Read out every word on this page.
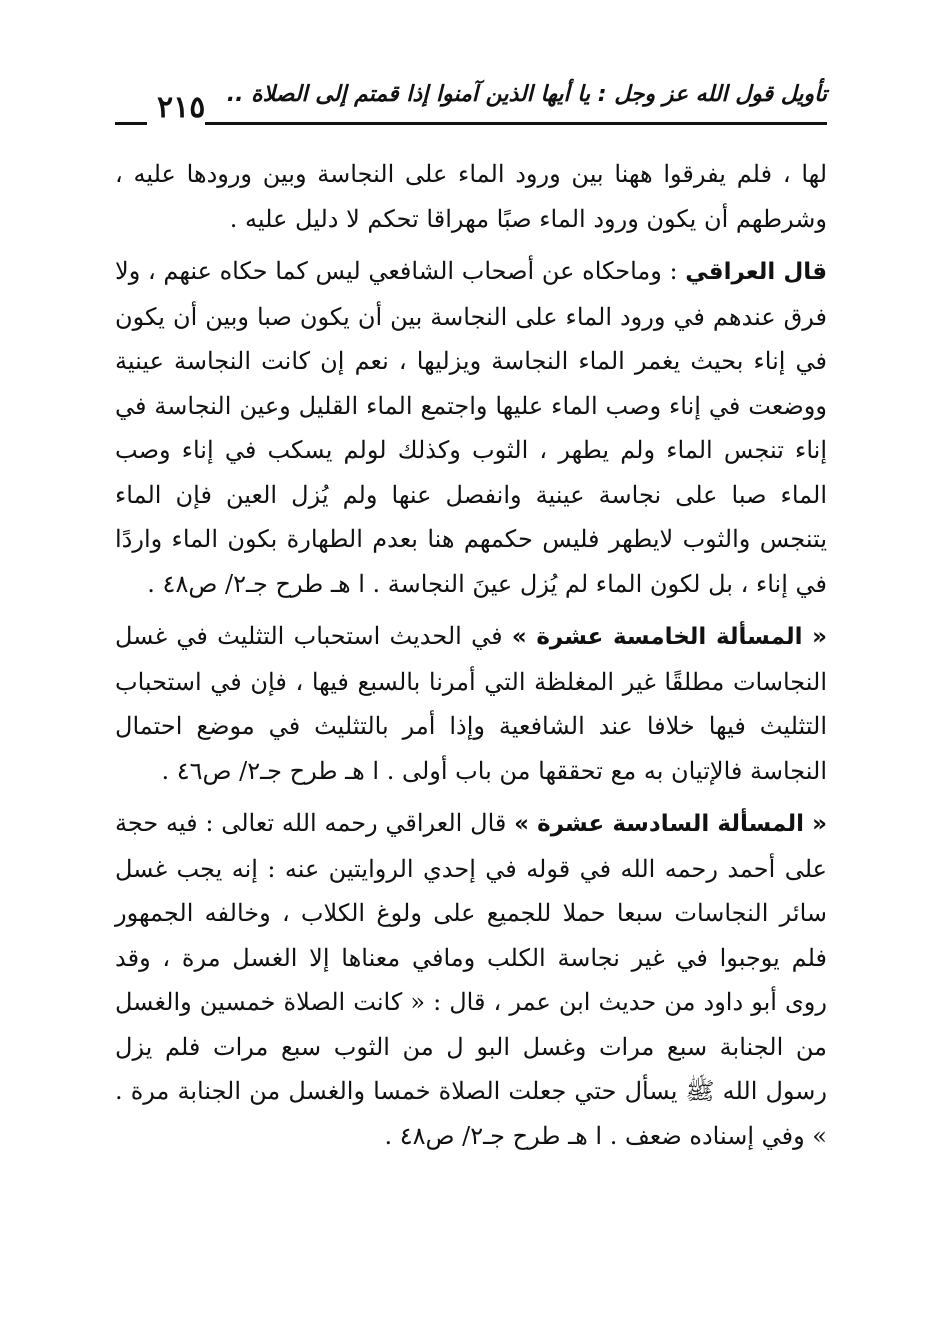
تأويل قول الله عز وجل : يا أيها الذين آمنوا إذا قمتم إلى الصلاة ..
٢١٥

لها ، فلم يفرقوا ههنا بين ورود الماء على النجاسة وبين ورودها عليه ، وشرطهم أن يكون ورود الماء صبًا مهراقا تحكم لا دليل عليه .

قال العراقي : وماحكاه عن أصحاب الشافعي ليس كما حكاه عنهم ، ولا فرق عندهم في ورود الماء على النجاسة بين أن يكون صبا وبين أن يكون في إناء بحيث يغمر الماء النجاسة ويزليها ، نعم إن كانت النجاسة عينية ووضعت في إناء وصب الماء عليها واجتمع الماء القليل وعين النجاسة في إناء تنجس الماء ولم يطهر ، الثوب وكذلك لولم يسكب في إناء وصب الماء صبا على نجاسة عينية وانفصل عنها ولم يُزل العين فإن الماء يتنجس والثوب لايطهر فليس حكمهم هنا بعدم الطهارة بكون الماء واردًا في إناء ، بل لكون الماء لم يُزل عينَ النجاسة . ا هـ طرح جـ٢/ ص٤٨ .

« المسألة الخامسة عشرة » في الحديث استحباب التثليث في غسل النجاسات مطلقًا غير المغلظة التي أمرنا بالسبع فيها ، فإن في استحباب التثليث فيها خلافا عند الشافعية وإذا أمر بالتثليث في موضع احتمال النجاسة فالإتيان به مع تحققها من باب أولى . ا هـ طرح جـ٢/ ص٤٦ .

« المسألة السادسة عشرة » قال العراقي رحمه الله تعالى : فيه حجة على أحمد رحمه الله في قوله في إحدي الروايتين عنه : إنه يجب غسل سائر النجاسات سبعا حملا للجميع على ولوغ الكلاب ، وخالفه الجمهور فلم يوجبوا في غير نجاسة الكلب ومافي معناها إلا الغسل مرة ، وقد روى أبو داود من حديث ابن عمر ، قال : « كانت الصلاة خمسين والغسل من الجنابة سبع مرات وغسل البو ل من الثوب سبع مرات فلم يزل رسول الله ﷺ يسأل حتي جعلت الصلاة خمسا والغسل من الجنابة مرة . » وفي إسناده ضعف . ا هـ طرح جـ٢/ ص٤٨ .
